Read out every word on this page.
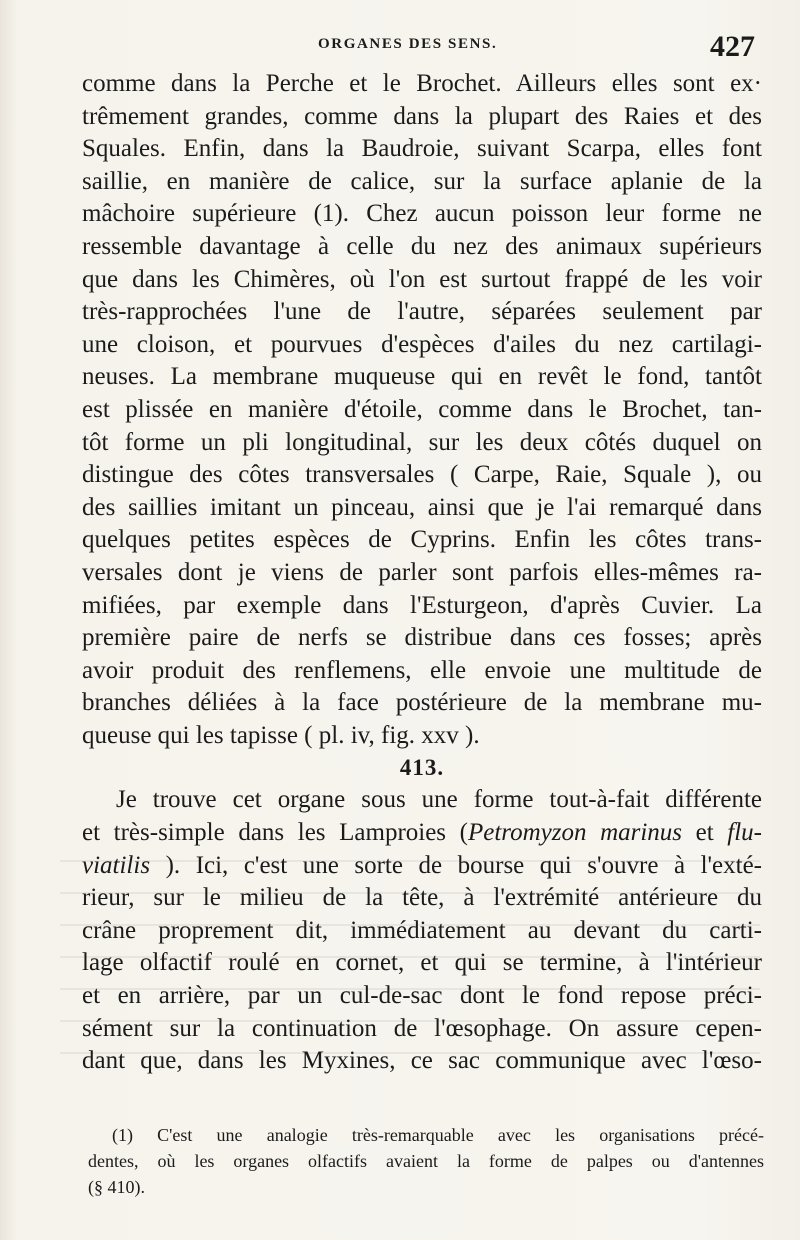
ORGANES DES SENS.	427
comme dans la Perche et le Brochet. Ailleurs elles sont ex·
trêmement grandes, comme dans la plupart des Raies et des
Squales. Enfin, dans la Baudroie, suivant Scarpa, elles font
saillie, en manière de calice, sur la surface aplanie de la
mâchoire supérieure (1). Chez aucun poisson leur forme ne
ressemble davantage à celle du nez des animaux supérieurs
que dans les Chimères, où l'on est surtout frappé de les voir
très-rapprochées l'une de l'autre, séparées seulement par
une cloison, et pourvues d'espèces d'ailes du nez cartilagi-
neuses. La membrane muqueuse qui en revêt le fond, tantôt
est plissée en manière d'étoile, comme dans le Brochet, tan-
tôt forme un pli longitudinal, sur les deux côtés duquel on
distingue des côtes transversales ( Carpe, Raie, Squale ), ou
des saillies imitant un pinceau, ainsi que je l'ai remarqué dans
quelques petites espèces de Cyprins. Enfin les côtes trans-
versales dont je viens de parler sont parfois elles-mêmes ra-
mifiées, par exemple dans l'Esturgeon, d'après Cuvier. La
première paire de nerfs se distribue dans ces fosses; après
avoir produit des renflemens, elle envoie une multitude de
branches déliées à la face postérieure de la membrane mu-
queuse qui les tapisse ( pl. iv, fig. xxv ).
413.
Je trouve cet organe sous une forme tout-à-fait différente
et très-simple dans les Lamproies (Petromyzon marinus et flu-
viatilis ). Ici, c'est une sorte de bourse qui s'ouvre à l'exté-
rieur, sur le milieu de la tête, à l'extrémité antérieure du
crâne proprement dit, immédiatement au devant du carti-
lage olfactif roulé en cornet, et qui se termine, à l'intérieur
et en arrière, par un cul-de-sac dont le fond repose préci-
sément sur la continuation de l'œsophage. On assure cepen-
dant que, dans les Myxines, ce sac communique avec l'œso-
(1) C'est une analogie très-remarquable avec les organisations précé-
dentes, où les organes olfactifs avaient la forme de palpes ou d'antennes
(§ 410).
